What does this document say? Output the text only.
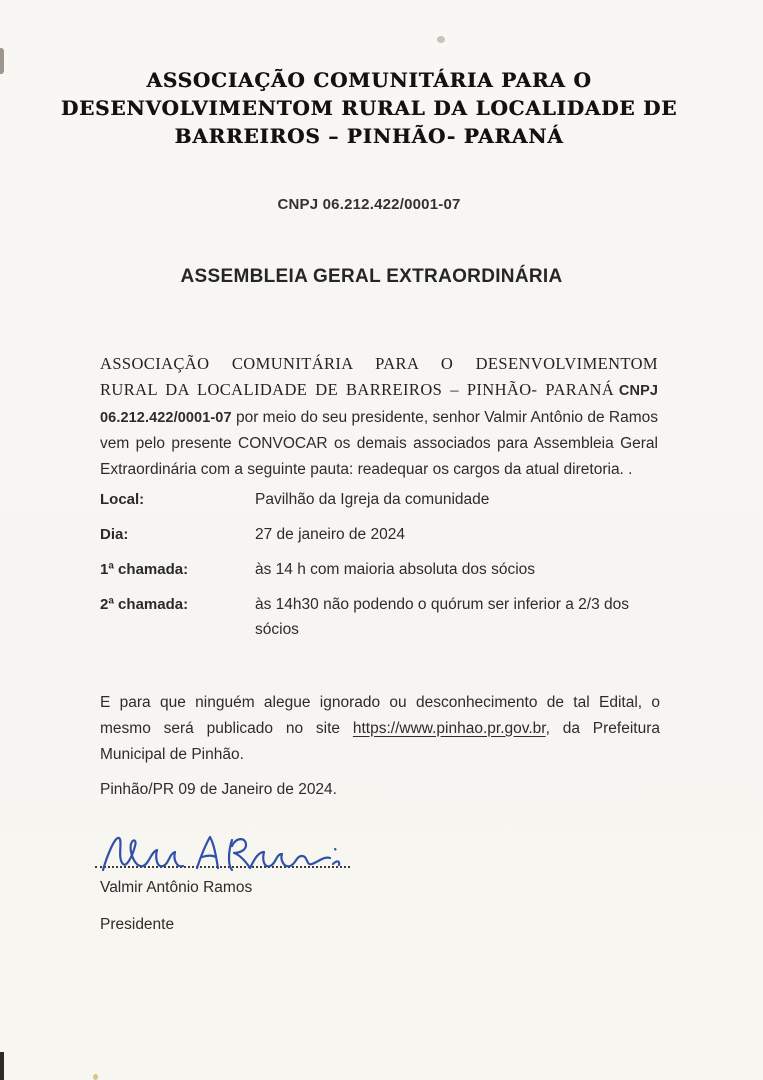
ASSOCIAÇÃO COMUNITÁRIA PARA O
DESENVOLVIMENTOM RURAL DA LOCALIDADE DE
BARREIROS – PINHÃO- PARANÁ
CNPJ 06.212.422/0001-07
ASSEMBLEIA GERAL EXTRAORDINÁRIA

ASSOCIAÇÃO COMUNITÁRIA PARA O DESENVOLVIMENTOM RURAL DA LOCALIDADE DE BARREIROS – PINHÃO- PARANÁ CNPJ 06.212.422/0001-07 por meio do seu presidente, senhor Valmir Antônio de Ramos vem pelo presente CONVOCAR os demais associados para Assembleia Geral Extraordinária com a seguinte pauta: readequar os cargos da atual diretoria. .

Local:	Pavilhão da Igreja da comunidade
Dia:	27 de janeiro de 2024
1ª chamada:	às 14 h com maioria absoluta dos sócios
2ª chamada:	às 14h30 não podendo o quórum ser inferior a 2/3 dos sócios

E para que ninguém alegue ignorado ou desconhecimento de tal Edital, o mesmo será publicado no site https://www.pinhao.pr.gov.br, da Prefeitura Municipal de Pinhão.

Pinhão/PR 09 de Janeiro de 2024.
Valmir Antônio Ramos
Presidente
